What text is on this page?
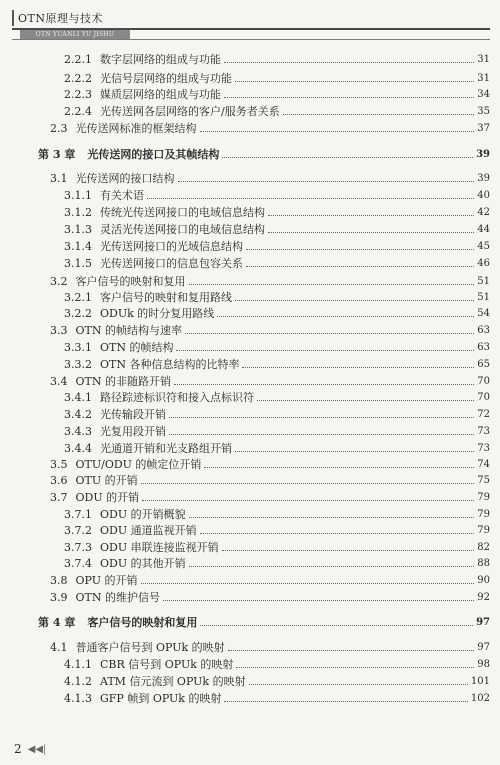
OTN原理与技术
OTN YUANLI YU JISHU
2.2.1 数字层网络的组成与功能	31
2.2.2 光信号层网络的组成与功能	31
2.2.3 媒质层网络的组成与功能	34
2.2.4 光传送网各层网络的客户/服务者关系	35
2.3 光传送网标准的框架结构	37
第 3 章 光传送网的接口及其帧结构	39
3.1 光传送网的接口结构	39
3.1.1 有关术语	40
3.1.2 传统光传送网接口的电域信息结构	42
3.1.3 灵活光传送网接口的电域信息结构	44
3.1.4 光传送网接口的光域信息结构	45
3.1.5 光传送网接口的信息包容关系	46
3.2 客户信号的映射和复用	51
3.2.1 客户信号的映射和复用路线	51
3.2.2 ODUk 的时分复用路线	54
3.3 OTN 的帧结构与速率	63
3.3.1 OTN 的帧结构	63
3.3.2 OTN 各种信息结构的比特率	65
3.4 OTN 的非随路开销	70
3.4.1 路径踪迹标识符和接入点标识符	70
3.4.2 光传输段开销	72
3.4.3 光复用段开销	73
3.4.4 光通道开销和光支路组开销	73
3.5 OTU/ODU 的帧定位开销	74
3.6 OTU 的开销	75
3.7 ODU 的开销	79
3.7.1 ODU 的开销概貌	79
3.7.2 ODU 通道监视开销	79
3.7.3 ODU 串联连接监视开销	82
3.7.4 ODU 的其他开销	88
3.8 OPU 的开销	90
3.9 OTN 的维护信号	92
第 4 章 客户信号的映射和复用	97
4.1 普通客户信号到 OPUk 的映射	97
4.1.1 CBR 信号到 OPUk 的映射	98
4.1.2 ATM 信元流到 OPUk 的映射	101
4.1.3 GFP 帧到 OPUk 的映射	102
2 ◀◀|
